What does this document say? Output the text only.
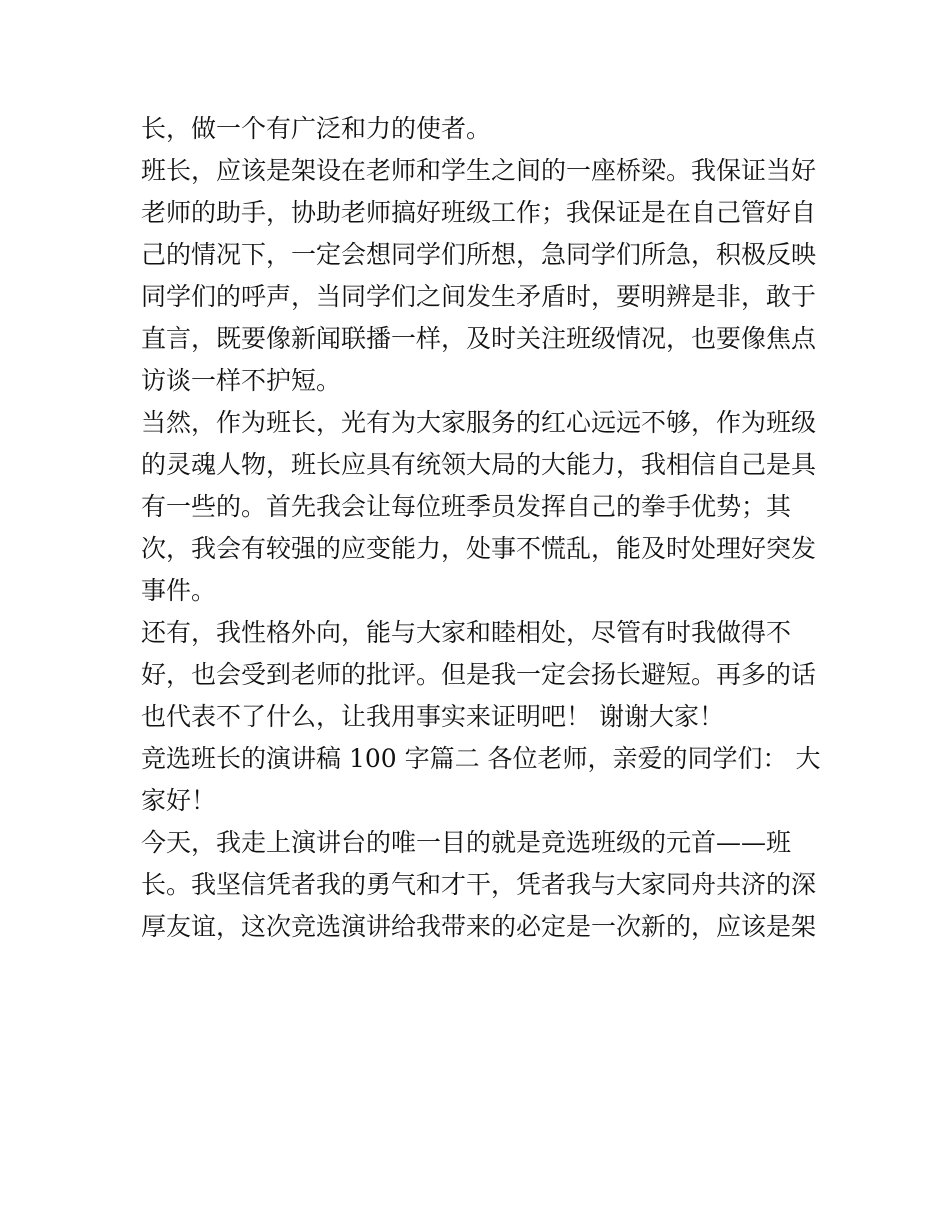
长，做一个有广泛和力的使者。

班长，应该是架设在老师和学生之间的一座桥梁。我保证当好

老师的助手，协助老师搞好班级工作；我保证是在自己管好自

己的情况下，一定会想同学们所想，急同学们所急，积极反映

同学们的呼声，当同学们之间发生矛盾时，要明辨是非，敢于

直言，既要像新闻联播一样，及时关注班级情况，也要像焦点

访谈一样不护短。

当然，作为班长，光有为大家服务的红心远远不够，作为班级

的灵魂人物，班长应具有统领大局的大能力，我相信自己是具

有一些的。首先我会让每位班季员发挥自己的拳手优势；其

次，我会有较强的应变能力，处事不慌乱，能及时处理好突发

事件。

还有，我性格外向，能与大家和睦相处，尽管有时我做得不

好，也会受到老师的批评。但是我一定会扬长避短。再多的话

也代表不了什么，让我用事实来证明吧！ 谢谢大家！

竞选班长的演讲稿 100 字篇二 各位老师，亲爱的同学们： 大

家好！

今天，我走上演讲台的唯一目的就是竞选班级的元首——班

长。我坚信凭者我的勇气和才干，凭者我与大家同舟共济的深

厚友谊，这次竞选演讲给我带来的必定是一次新的，应该是架
